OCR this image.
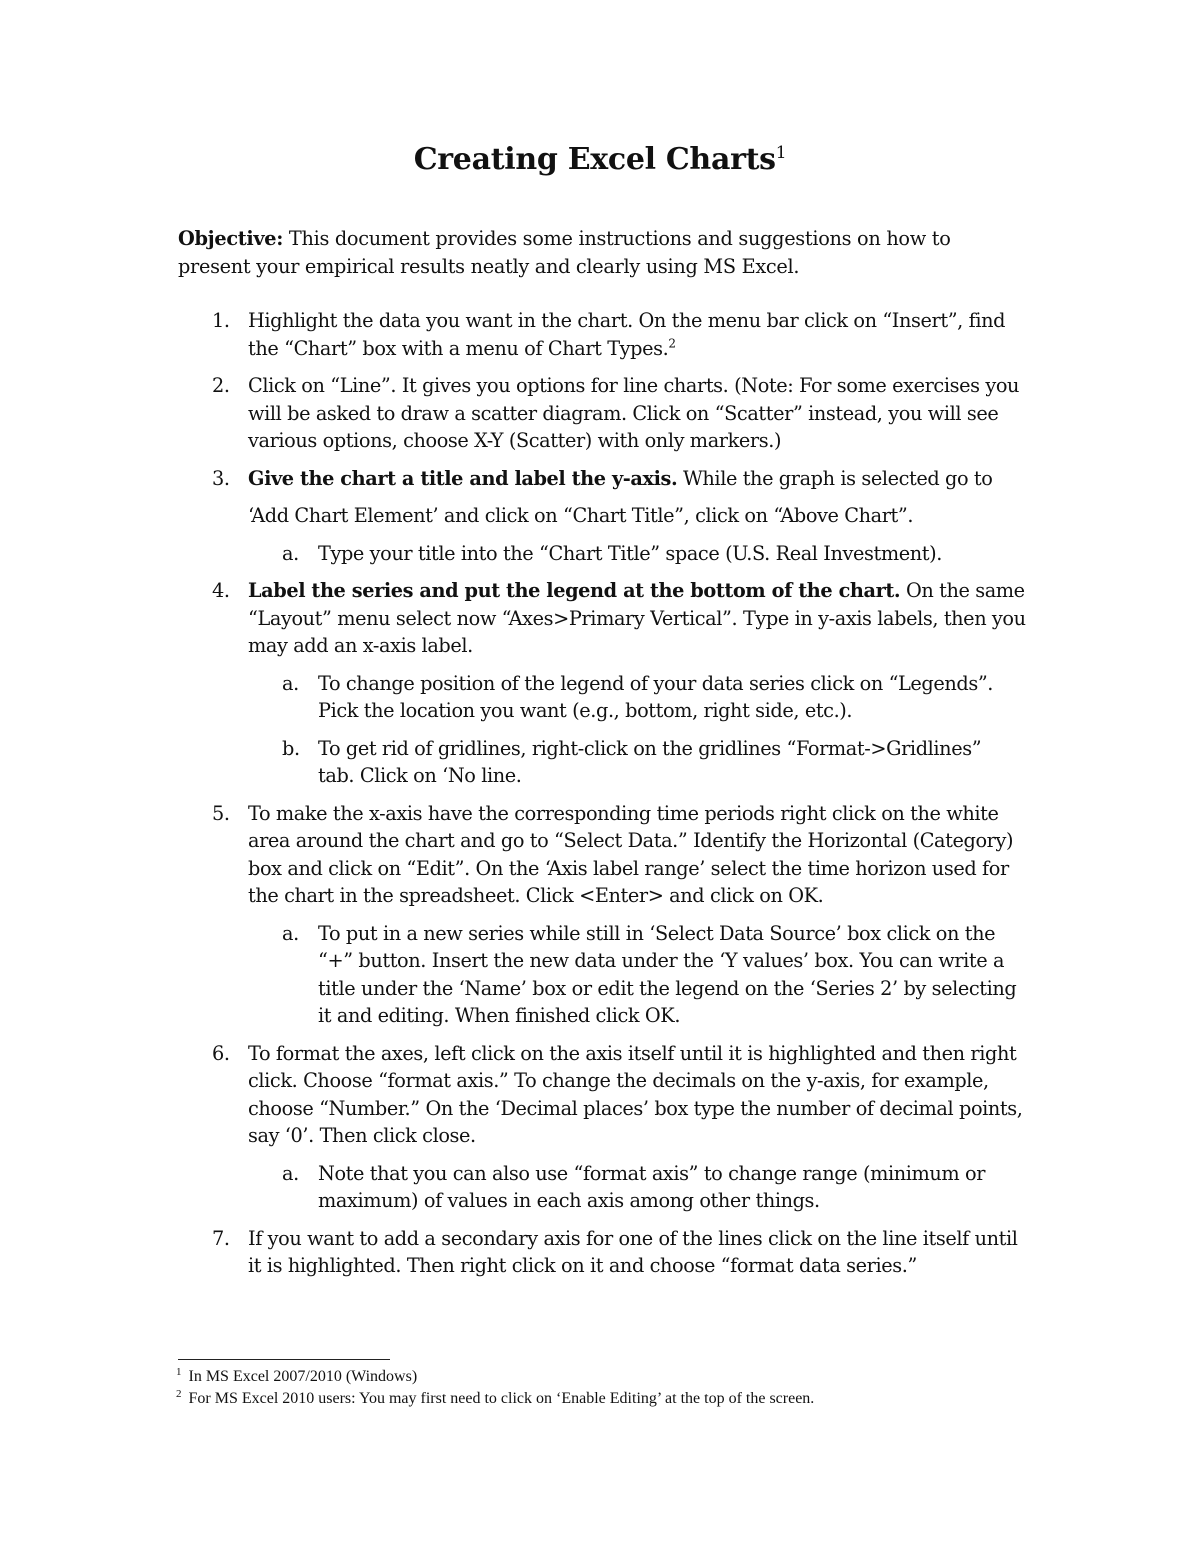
Creating Excel Charts$^1$

Objective: This document provides some instructions and suggestions on how to present your empirical results neatly and clearly using MS Excel.

1. Highlight the data you want in the chart. On the menu bar click on “Insert”, find the “Chart” box with a menu of Chart Types.$^2$
2. Click on “Line”. It gives you options for line charts. (Note: For some exercises you will be asked to draw a scatter diagram. Click on “Scatter” instead, you will see various options, choose X-Y (Scatter) with only markers.)
3. Give the chart a title and label the y-axis. While the graph is selected go to
‘Add Chart Element’ and click on “Chart Title”, click on “Above Chart”.
a. Type your title into the “Chart Title” space (U.S. Real Investment).
4. Label the series and put the legend at the bottom of the chart. On the same “Layout” menu select now “Axes>Primary Vertical”. Type in y-axis labels, then you may add an x-axis label.
a. To change position of the legend of your data series click on “Legends”. Pick the location you want (e.g., bottom, right side, etc.).
b. To get rid of gridlines, right-click on the gridlines “Format->Gridlines” tab. Click on ‘No line.
5. To make the x-axis have the corresponding time periods right click on the white area around the chart and go to “Select Data.” Identify the Horizontal (Category) box and click on “Edit”. On the ‘Axis label range’ select the time horizon used for the chart in the spreadsheet. Click <Enter> and click on OK.
a. To put in a new series while still in ‘Select Data Source’ box click on the “+” button. Insert the new data under the ‘Y values’ box. You can write a title under the ‘Name’ box or edit the legend on the ‘Series 2’ by selecting it and editing. When finished click OK.
6. To format the axes, left click on the axis itself until it is highlighted and then right click. Choose “format axis.” To change the decimals on the y-axis, for example, choose “Number.” On the ‘Decimal places’ box type the number of decimal points, say ‘0’. Then click close.
a. Note that you can also use “format axis” to change range (minimum or maximum) of values in each axis among other things.
7. If you want to add a secondary axis for one of the lines click on the line itself until it is highlighted. Then right click on it and choose “format data series.”

$^1$ In MS Excel 2007/2010 (Windows)

$^2$ For MS Excel 2010 users: You may first need to click on ‘Enable Editing’ at the top of the screen.
